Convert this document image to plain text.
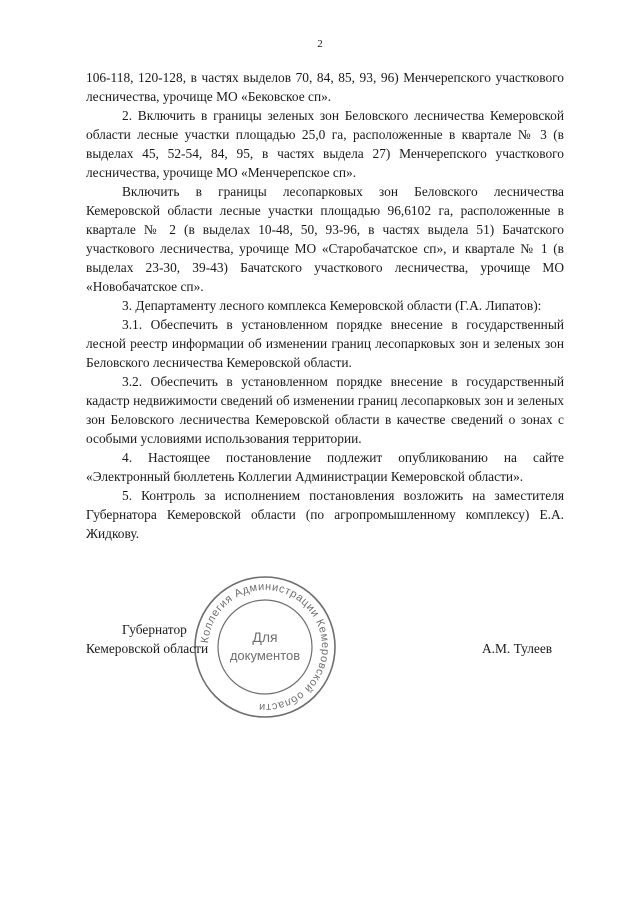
2

106-118, 120-128, в частях выделов 70, 84, 85, 93, 96) Менчерепского участкового лесничества, урочище МО «Бековское сп».

2. Включить в границы зеленых зон Беловского лесничества Кемеровской области лесные участки площадью 25,0 га, расположенные в квартале № 3 (в выделах 45, 52-54, 84, 95, в частях выдела 27) Менчерепского участкового лесничества, урочище МО «Менчерепское сп».

Включить в границы лесопарковых зон Беловского лесничества Кемеровской области лесные участки площадью 96,6102 га, расположенные в квартале № 2 (в выделах 10-48, 50, 93-96, в частях выдела 51) Бачатского участкового лесничества, урочище МО «Старобачатское сп», и квартале № 1 (в выделах 23-30, 39-43) Бачатского участкового лесничества, урочище МО «Новобачатское сп».

3. Департаменту лесного комплекса Кемеровской области (Г.А. Липатов):

3.1. Обеспечить в установленном порядке внесение в государственный лесной реестр информации об изменении границ лесопарковых зон и зеленых зон Беловского лесничества Кемеровской области.

3.2. Обеспечить в установленном порядке внесение в государственный кадастр недвижимости сведений об изменении границ лесопарковых зон и зеленых зон Беловского лесничества Кемеровской области в качестве сведений о зонах с особыми условиями использования территории.

4. Настоящее постановление подлежит опубликованию на сайте «Электронный бюллетень Коллегии Администрации Кемеровской области».

5. Контроль за исполнением постановления возложить на заместителя Губернатора Кемеровской области (по агропромышленному комплексу) Е.А. Жидкову.

Коллегия Администрации Кемеровской области
Для
документов
Губернатор
Кемеровской области	А.М. Тулеев
